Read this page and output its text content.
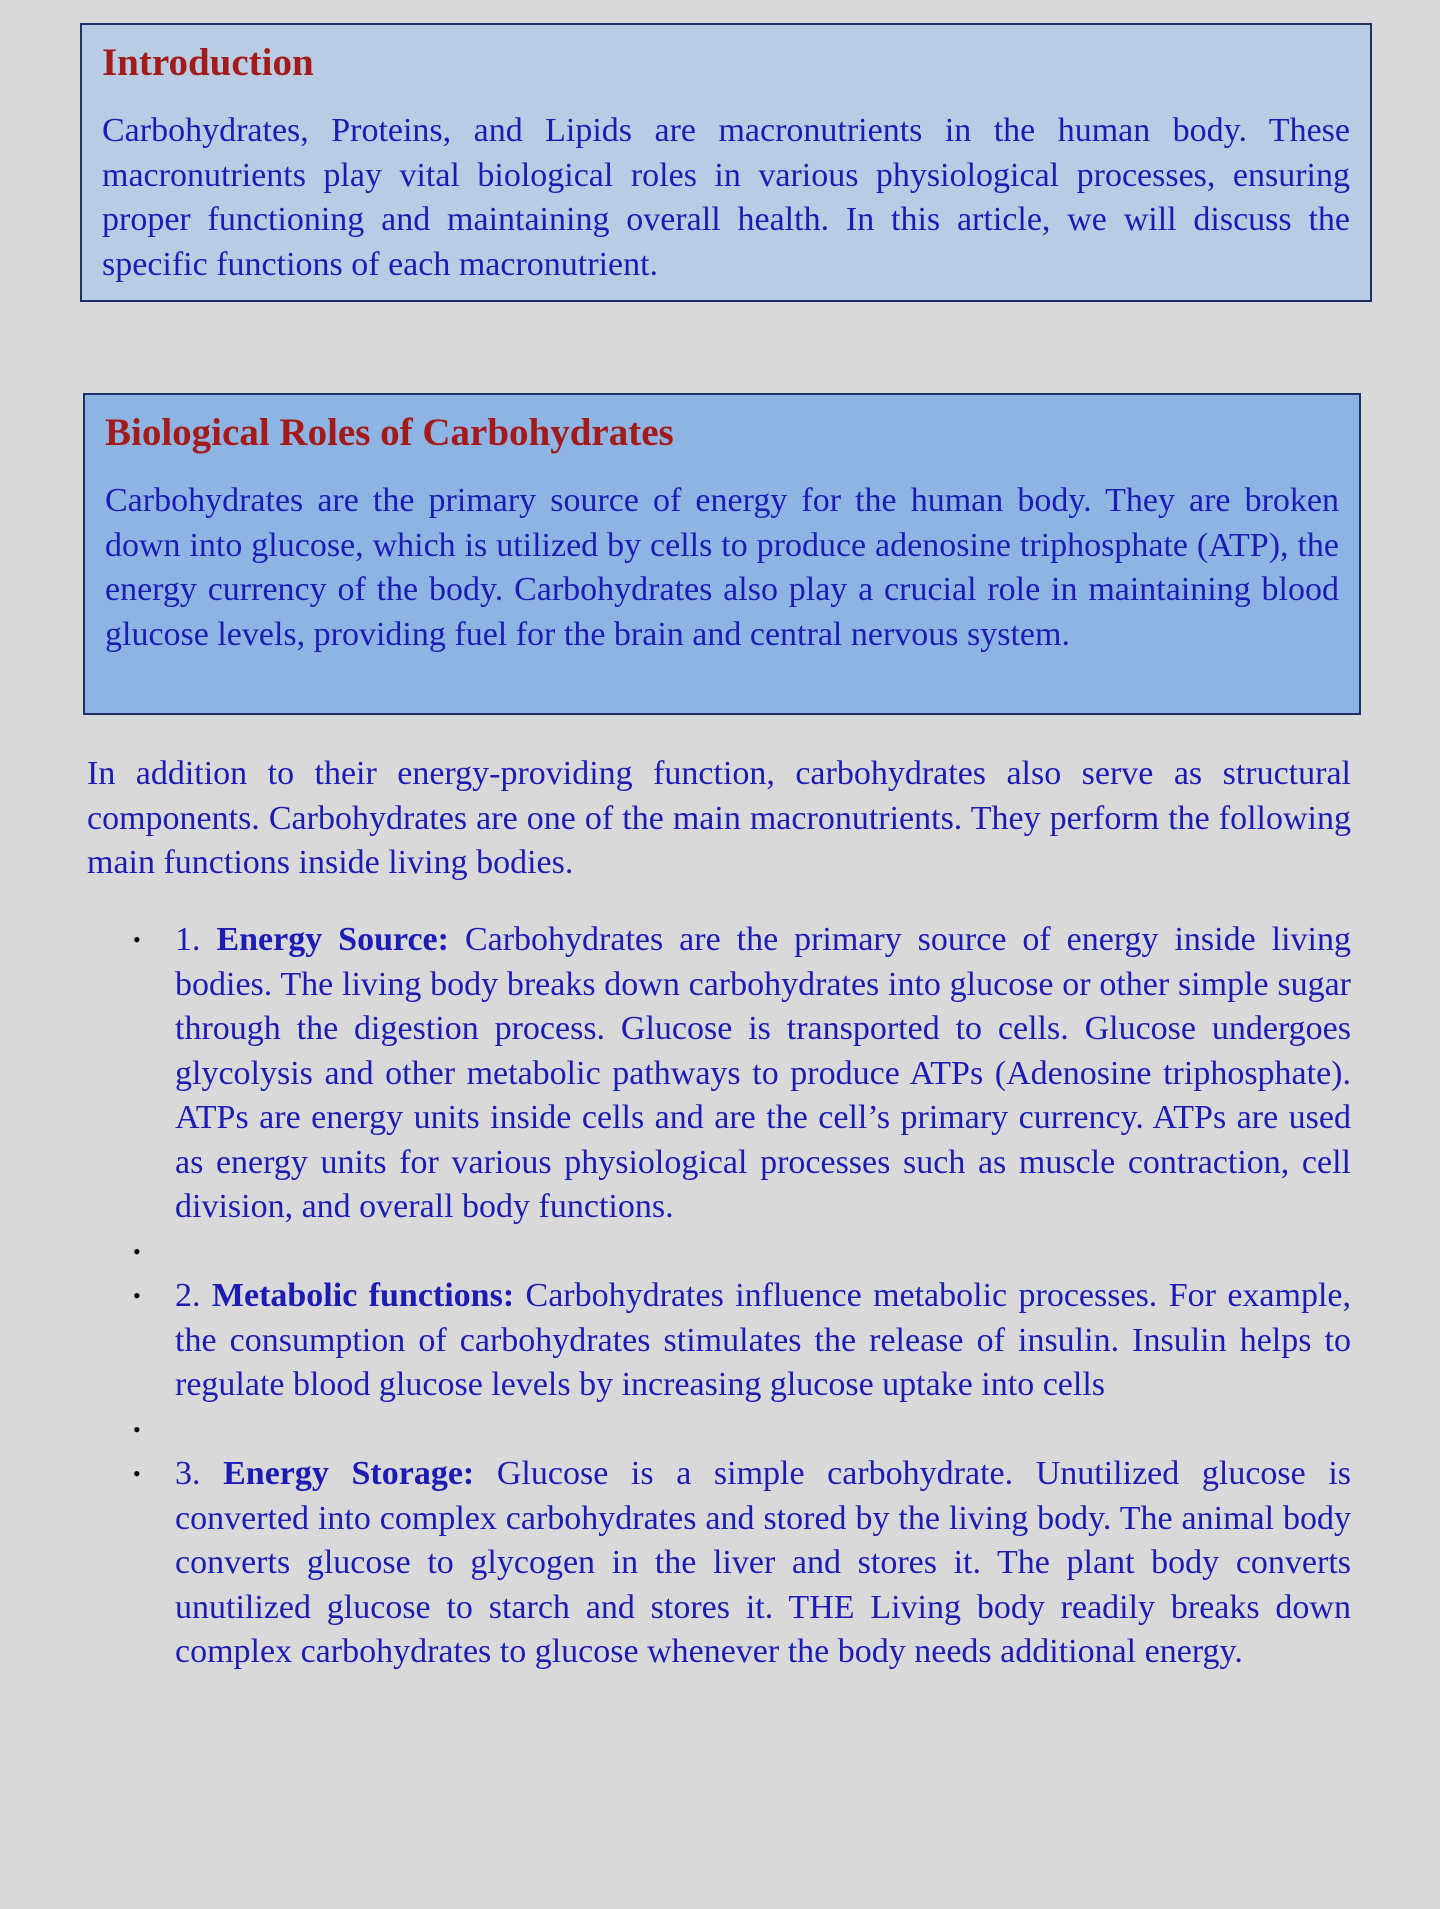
Introduction

Carbohydrates, Proteins, and Lipids are macronutrients in the human body. These macronutrients play vital biological roles in various physiological processes, ensuring proper functioning and maintaining overall health. In this article, we will discuss the specific functions of each macronutrient.

Biological Roles of Carbohydrates

Carbohydrates are the primary source of energy for the human body. They are broken down into glucose, which is utilized by cells to produce adenosine triphosphate (ATP), the energy currency of the body. Carbohydrates also play a crucial role in maintaining blood glucose levels, providing fuel for the brain and central nervous system.

In addition to their energy-providing function, carbohydrates also serve as structural components. Carbohydrates are one of the main macronutrients. They perform the following main functions inside living bodies.

• 1. Energy Source: Carbohydrates are the primary source of energy inside living bodies. The living body breaks down carbohydrates into glucose or other simple sugar through the digestion process. Glucose is transported to cells. Glucose undergoes glycolysis and other metabolic pathways to produce ATPs (Adenosine triphosphate). ATPs are energy units inside cells and are the cell’s primary currency. ATPs are used as energy units for various physiological processes such as muscle contraction, cell division, and overall body functions.
•
• 2. Metabolic functions: Carbohydrates influence metabolic processes. For example, the consumption of carbohydrates stimulates the release of insulin. Insulin helps to regulate blood glucose levels by increasing glucose uptake into cells
•
• 3. Energy Storage: Glucose is a simple carbohydrate. Unutilized glucose is converted into complex carbohydrates and stored by the living body. The animal body converts glucose to glycogen in the liver and stores it. The plant body converts unutilized glucose to starch and stores it. THE Living body readily breaks down complex carbohydrates to glucose whenever the body needs additional energy.
